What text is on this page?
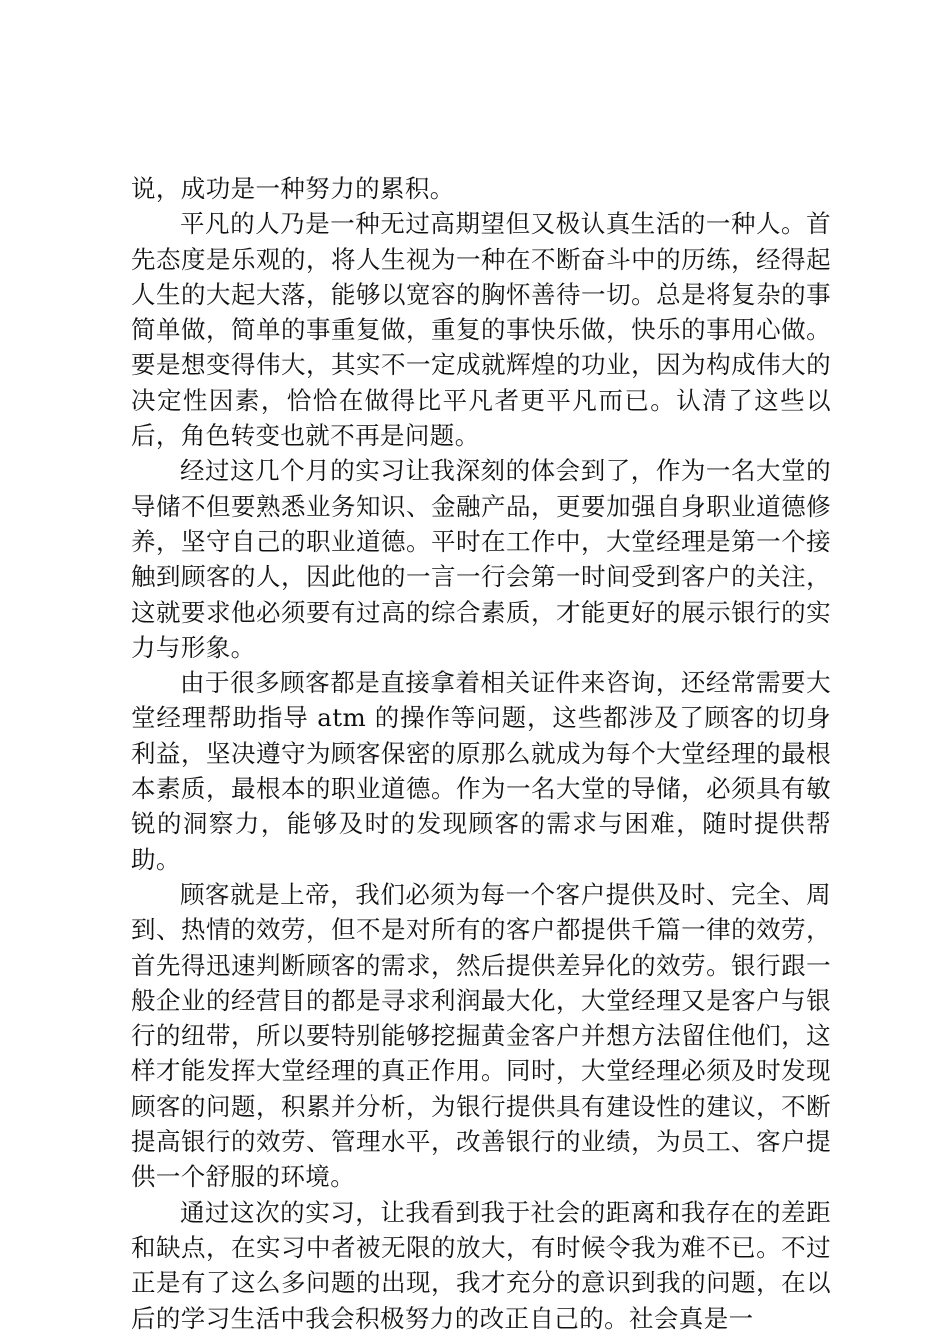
说，成功是一种努力的累积。

平凡的人乃是一种无过高期望但又极认真生活的一种人。首先态度是乐观的，将人生视为一种在不断奋斗中的历练，经得起人生的大起大落，能够以宽容的胸怀善待一切。总是将复杂的事简单做，简单的事重复做，重复的事快乐做，快乐的事用心做。要是想变得伟大，其实不一定成就辉煌的功业，因为构成伟大的决定性因素，恰恰在做得比平凡者更平凡而已。认清了这些以后，角色转变也就不再是问题。

经过这几个月的实习让我深刻的体会到了，作为一名大堂的导储不但要熟悉业务知识、金融产品，更要加强自身职业道德修养，坚守自己的职业道德。平时在工作中，大堂经理是第一个接触到顾客的人，因此他的一言一行会第一时间受到客户的关注，这就要求他必须要有过高的综合素质，才能更好的展示银行的实力与形象。

由于很多顾客都是直接拿着相关证件来咨询，还经常需要大堂经理帮助指导 atm 的操作等问题，这些都涉及了顾客的切身利益，坚决遵守为顾客保密的原那么就成为每个大堂经理的最根本素质，最根本的职业道德。作为一名大堂的导储，必须具有敏锐的洞察力，能够及时的发现顾客的需求与困难，随时提供帮助。

顾客就是上帝，我们必须为每一个客户提供及时、完全、周到、热情的效劳，但不是对所有的客户都提供千篇一律的效劳，首先得迅速判断顾客的需求，然后提供差异化的效劳。银行跟一般企业的经营目的都是寻求利润最大化，大堂经理又是客户与银行的纽带，所以要特别能够挖掘黄金客户并想方法留住他们，这样才能发挥大堂经理的真正作用。同时，大堂经理必须及时发现顾客的问题，积累并分析，为银行提供具有建设性的建议，不断提高银行的效劳、管理水平，改善银行的业绩，为员工、客户提供一个舒服的环境。

通过这次的实习，让我看到我于社会的距离和我存在的差距和缺点，在实习中者被无限的放大，有时候令我为难不已。不过正是有了这么多问题的出现，我才充分的意识到我的问题，在以后的学习生活中我会积极努力的改正自己的。社会真是一
